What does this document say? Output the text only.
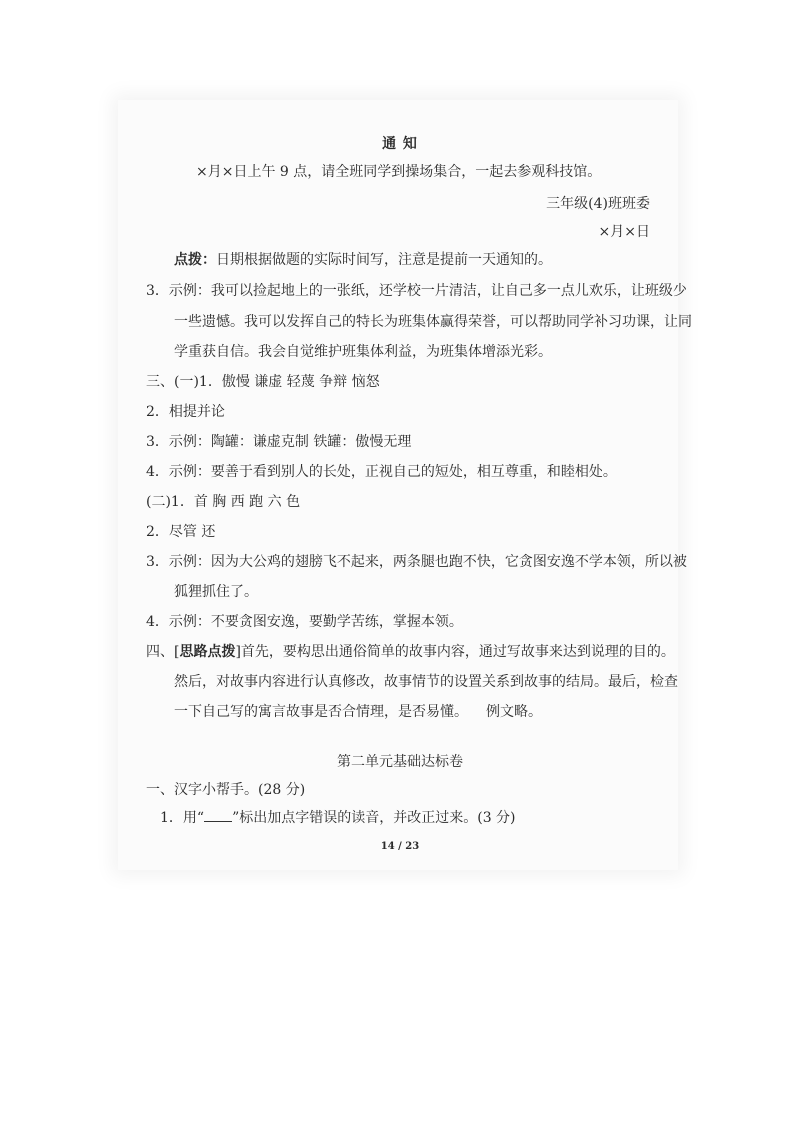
通 知
×月×日上午 9 点，请全班同学到操场集合，一起去参观科技馆。
三年级(4)班班委
×月×日
点拨：日期根据做题的实际时间写，注意是提前一天通知的。
3．示例：我可以捡起地上的一张纸，还学校一片清洁，让自己多一点儿欢乐，让班级少
一些遗憾。我可以发挥自己的特长为班集体赢得荣誉，可以帮助同学补习功课，让同
学重获自信。我会自觉维护班集体利益，为班集体增添光彩。
三、(一)1．傲慢 谦虚 轻蔑 争辩 恼怒
2．相提并论
3．示例：陶罐：谦虚克制 铁罐：傲慢无理
4．示例：要善于看到别人的长处，正视自己的短处，相互尊重，和睦相处。
(二)1．首 胸 西 跑 六 色
2．尽管 还
3．示例：因为大公鸡的翅膀飞不起来，两条腿也跑不快，它贪图安逸不学本领，所以被
狐狸抓住了。
4．示例：不要贪图安逸，要勤学苦练，掌握本领。
四、[思路点拨]首先，要构思出通俗简单的故事内容，通过写故事来达到说理的目的。
然后，对故事内容进行认真修改，故事情节的设置关系到故事的结局。最后，检查
一下自己写的寓言故事是否合情理，是否易懂。 例文略。
第二单元基础达标卷
一、汉字小帮手。(28 分)
1．用“ ”标出加点字错误的读音，并改正过来。(3 分)
14 / 23
